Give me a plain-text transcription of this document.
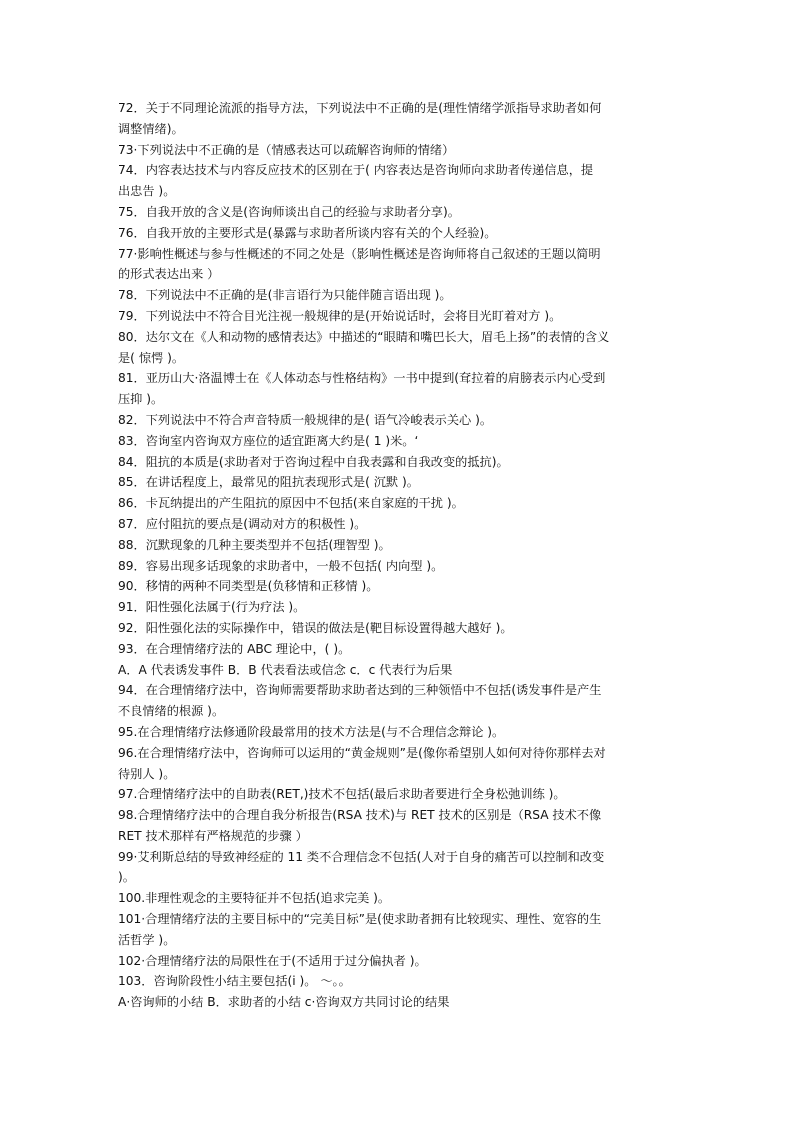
72．关于不同理论流派的指导方法，下列说法中不正确的是(理性情绪学派指导求助者如何
调整情绪)。
73·下列说法中不正确的是（情感表达可以疏解咨询师的情绪）
74．内容表达技术与内容反应技术的区别在于( 内容表达是咨询师向求助者传递信息，提
出忠告 )。
75．自我开放的含义是(咨询师谈出自己的经验与求助者分享)。
76．自我开放的主要形式是(暴露与求助者所谈内容有关的个人经验)。
77·影响性概述与参与性概述的不同之处是（影响性概述是咨询师将自己叙述的王题以简明
的形式表达出来 ）
78．下列说法中不正确的是(非言语行为只能伴随言语出现 )。
79．下列说法中不符合目光注视一般规律的是(开始说话时，会将目光盯着对方 )。
80．达尔文在《人和动物的感情表达》中描述的“眼睛和嘴巴长大，眉毛上扬”的表情的含义
是( 惊愕 )。
81．亚历山大·洛温博士在《人体动态与性格结构》一书中提到(耷拉着的肩膀表示内心受到
压抑 )。
82．下列说法中不符合声音特质一般规律的是( 语气冷峻表示关心 )。
83．咨询室内咨询双方座位的适宜距离大约是( 1 )米。‘
84．阻抗的本质是(求助者对于咨询过程中自我表露和自我改变的抵抗)。
85．在讲话程度上，最常见的阻抗表现形式是( 沉默 )。
86．卡瓦纳提出的产生阻抗的原因中不包括(来自家庭的干扰 )。
87．应付阻抗的要点是(调动对方的积极性 )。
88．沉默现象的几种主要类型并不包括(理智型 )。
89．容易出现多话现象的求助者中，一般不包括( 内向型 )。
90．移情的两种不同类型是(负移情和正移情 )。
91．阳性强化法属于(行为疗法 )。
92．阳性强化法的实际操作中，错误的做法是(靶目标设置得越大越好 )。
93．在合理情绪疗法的 ABC 理论中，( )。
A．A 代表诱发事件 B．B 代表看法或信念 c．c 代表行为后果
94．在合理情绪疗法中，咨询师需要帮助求助者达到的三种领悟中不包括(诱发事件是产生
不良情绪的根源 )。
95.在合理情绪疗法修通阶段最常用的技术方法是(与不合理信念辩论 )。
96.在合理情绪疗法中，咨询师可以运用的“黄金规则”是(像你希望别人如何对待你那样去对
待别人 )。
97.合理情绪疗法中的自助表(RET,)技术不包括(最后求助者要进行全身松弛训练 )。
98.合理情绪疗法中的合理自我分析报告(RSA 技术)与 RET 技术的区别是（RSA 技术不像
RET 技术那样有严格规范的步骤 ）
99·艾利斯总结的导致神经症的 11 类不合理信念不包括(人对于自身的痛苦可以控制和改变
)。
100.非理性观念的主要特征并不包括(追求完美 )。
101·合理情绪疗法的主要目标中的“完美目标”是(使求助者拥有比较现实、理性、宽容的生
活哲学 )。
102·合理情绪疗法的局限性在于(不适用于过分偏执者 )。
103．咨询阶段性小结主要包括(i )。 ～。。
A·咨询师的小结 B．求助者的小结 c·咨询双方共同讨论的结果
